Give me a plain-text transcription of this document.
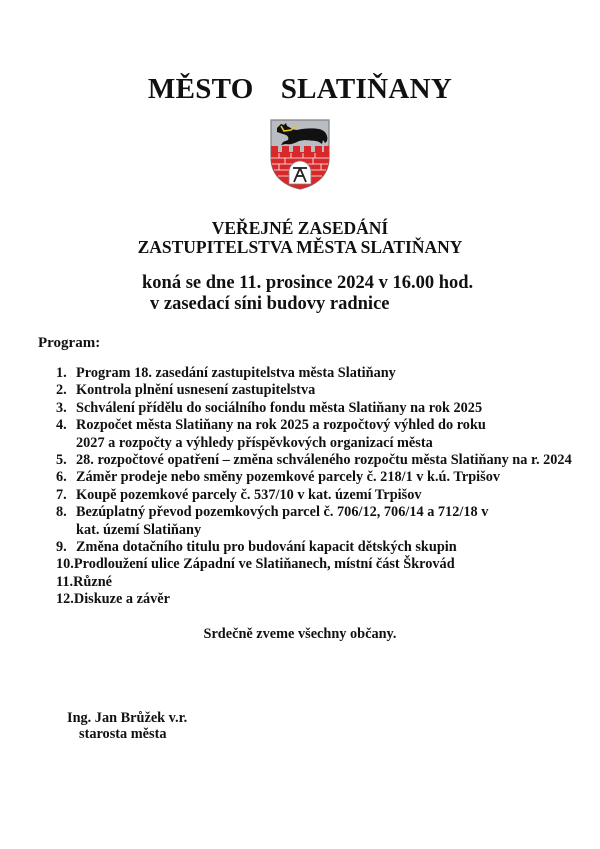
MĚSTO  SLATIŇANY
VEŘEJNÉ ZASEDÁNÍ
ZASTUPITELSTVA MĚSTA SLATIŇANY
koná se dne 11. prosince 2024 v 16.00 hod.
v zasedací síni budovy radnice
Program:
1. Program 18. zasedání zastupitelstva města Slatiňany
2. Kontrola plnění usnesení zastupitelstva
3. Schválení přídělu do sociálního fondu města Slatiňany na rok 2025
4. Rozpočet města Slatiňany na rok 2025 a rozpočtový výhled do roku 2027 a rozpočty a výhledy příspěvkových organizací města
5. 28. rozpočtové opatření – změna schváleného rozpočtu města Slatiňany na r. 2024
6. Záměr prodeje nebo směny pozemkové parcely č. 218/1 v k.ú. Trpišov
7. Koupě pozemkové parcely č. 537/10 v kat. území Trpišov
8. Bezúplatný převod pozemkových parcel č. 706/12, 706/14 a 712/18 v kat. území Slatiňany
9. Změna dotačního titulu pro budování kapacit dětských skupin
10. Prodloužení ulice Západní ve Slatiňanech, místní část Škrovád
11. Různé
12. Diskuze a závěr
Srdečně zveme všechny občany.
Ing. Jan Brůžek v.r.
starosta města
